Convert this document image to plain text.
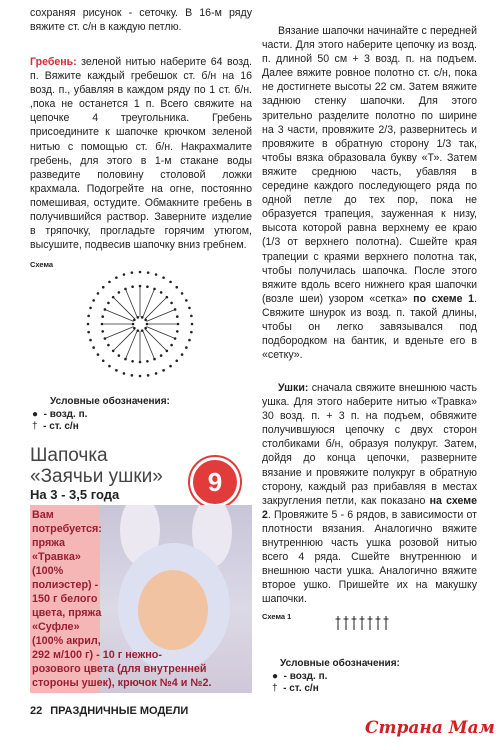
сохраняя рисунок - сеточку. В 16-м ряду вяжите ст. с/н в каждую петлю.

Гребень: зеленой нитью наберите 64 возд. п. Вяжите каждый гребешок ст. б/н на 16 возд. п., убавляя в каждом ряду по 1 ст. б/н. ,пока не останется 1 п. Всего свяжите на цепочке 4 треугольника. Гребень присоедините к шапочке крючком зеленой нитью с помощью ст. б/н. Накрахмалите гребень, для этого в 1-м стакане воды разведите половину столовой ложки крахмала. Подогрейте на огне, постоянно помешивая, остудите. Обмакните гребень в получившийся раствор. Заверните изделие в тряпочку, прогладьте горячим утюгом, высушите, подвесив шапочку вниз гребнем.

Схема
Условные обозначения:
● - возд. п.
† - ст. с/н
Шапочка
«Заячьи ушки»	9
На 3 - 3,5 года
Вам
потребуется:
пряжа
«Травка»
(100%
полиэстер) -
150 г белого
цвета, пряжа
«Суфле»
(100% акрил,
292 м/100 г) - 10 г нежно-
розового цвета (для внутренней
стороны ушек), крючок №4 и №2.
22 ПРАЗДНИЧНЫЕ МОДЕЛИ

Вязание шапочки начинайте с передней части. Для этого наберите цепочку из возд. п. длиной 50 см + 3 возд. п. на подъем. Далее вяжите ровное полотно ст. с/н, пока не достигнете высоты 22 см. Затем вяжите заднюю стенку шапочки. Для этого зрительно разделите полотно по ширине на 3 части, провяжите 2/3, развернитесь и провяжите в обратную сторону 1/3 так, чтобы вязка образовала букву «Т». Затем вяжите среднюю часть, убавляя в середине каждого последующего ряда по одной петле до тех пор, пока не образуется трапеция, зауженная к низу, высота которой равна верхнему ее краю (1/3 от верхнего полотна). Сшейте края трапеции с краями верхнего полотна так, чтобы получилась шапочка. После этого вяжите вдоль всего нижнего края шапочки (возле шеи) узором «сетка» по схеме 1. Свяжите шнурок из возд. п. такой длины, чтобы он легко завязывался под подбородком на бантик, и вденьте его в «сетку».

Ушки: сначала свяжите внешнюю часть ушка. Для этого наберите нитью «Травка» 30 возд. п. + 3 п. на подъем, обвяжите получившуюся цепочку с двух сторон столбиками б/н, образуя полукруг. Затем, дойдя до конца цепочки, разверните вязание и провяжите полукруг в обратную сторону, каждый раз прибавляя в местах закругления петли, как показано на схеме 2. Провяжите 5 - 6 рядов, в зависимости от плотности вязания. Аналогично вяжите внутреннюю часть ушка розовой нитью всего 4 ряда. Сшейте внутреннюю и внешнюю части ушка. Аналогично вяжите второе ушко. Пришейте их на макушку шапочки.

Схема 1
Условные обозначения:
● - возд. п.
† - ст. с/н
Страна Мам
